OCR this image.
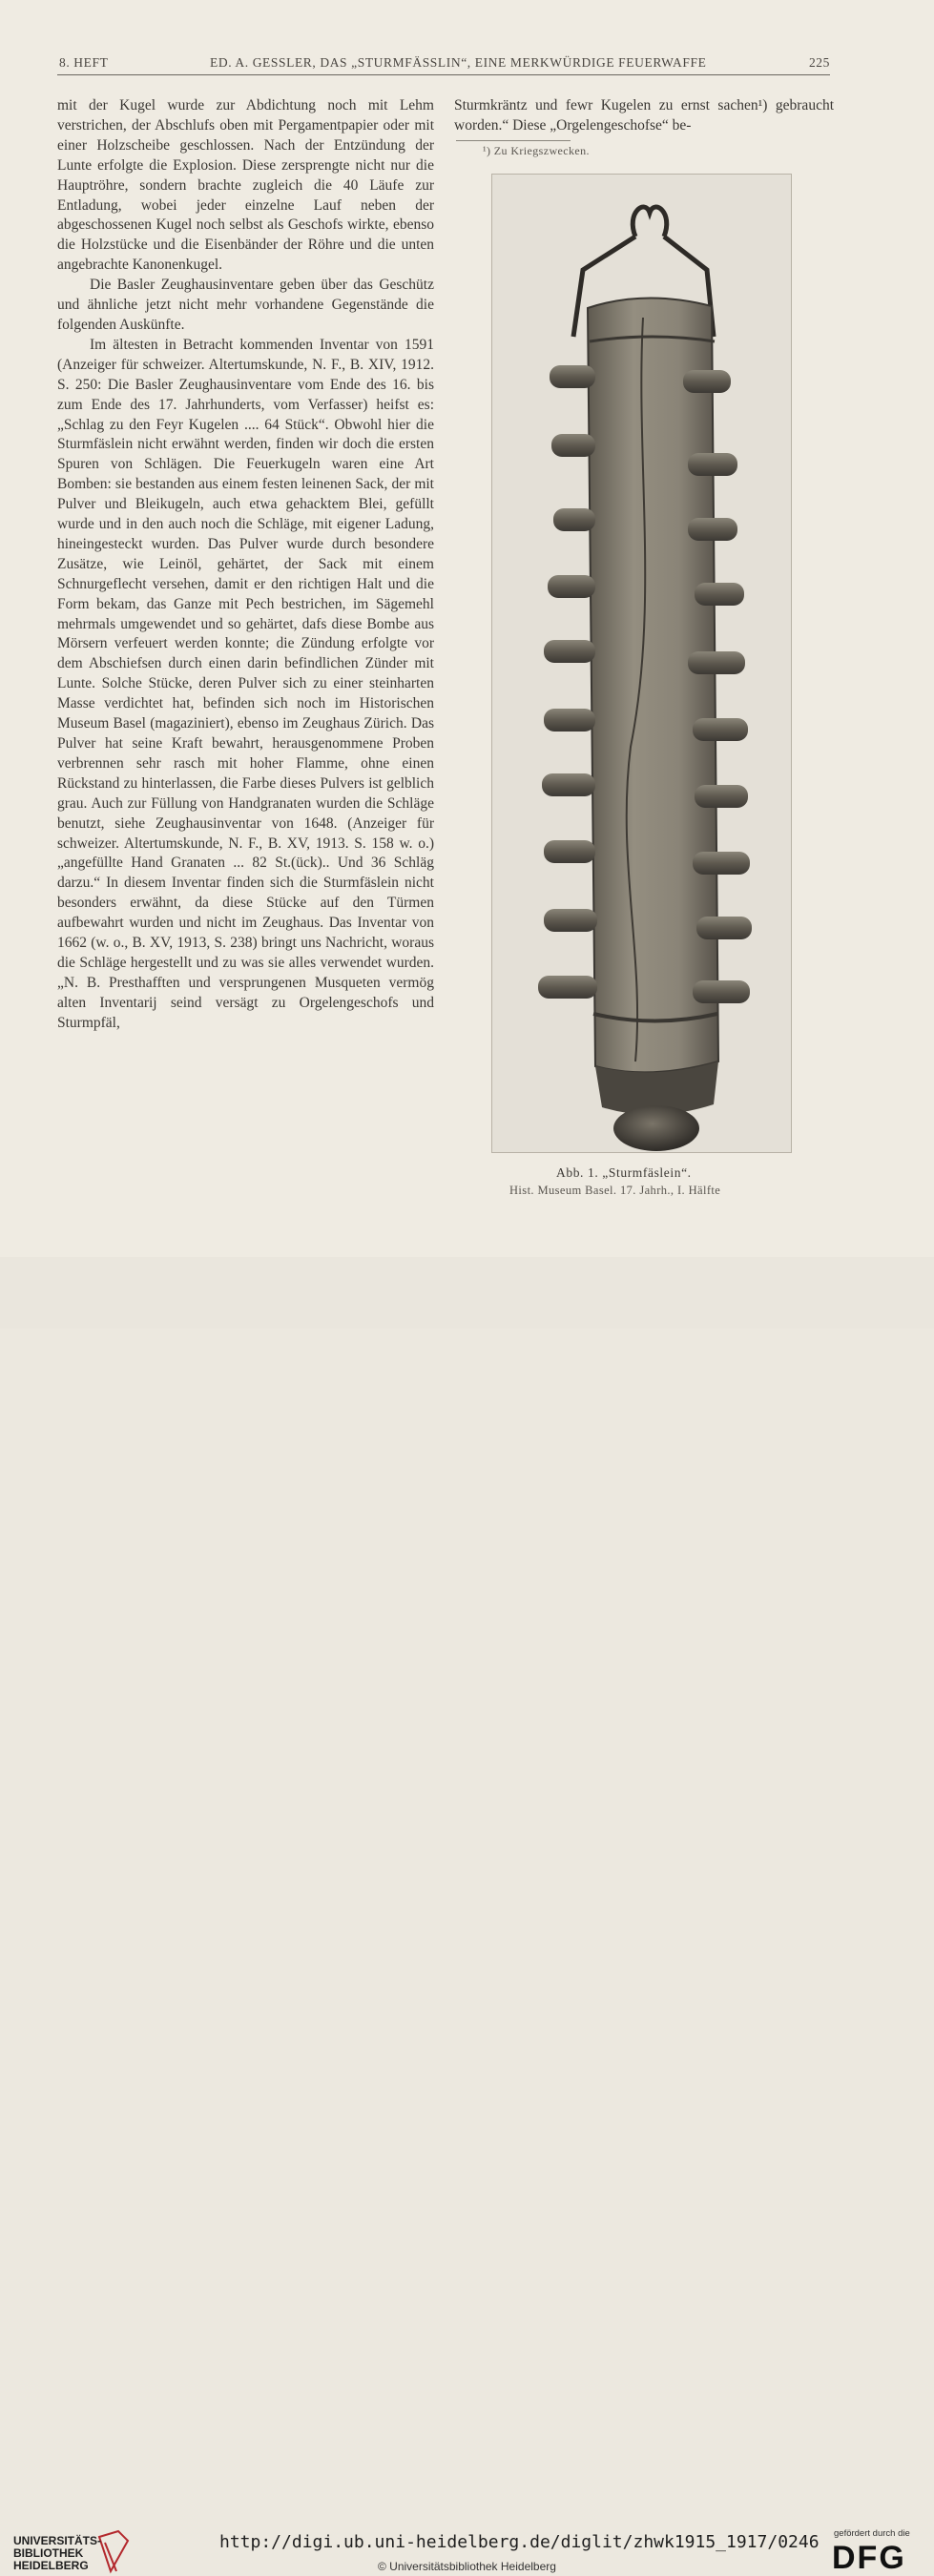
8. HEFT	ED. A. GESSLER, DAS „STURMFÄSSLIN“, EINE MERKWÜRDIGE FEUERWAFFE	225

mit der Kugel wurde zur Abdichtung noch mit Lehm verstrichen, der Abschlufs oben mit Pergamentpapier oder mit einer Holzscheibe geschlossen. Nach der Entzündung der Lunte erfolgte die Explosion. Diese zersprengte nicht nur die Hauptröhre, sondern brachte zugleich die 40 Läufe zur Entladung, wobei jeder einzelne Lauf neben der abgeschossenen Kugel noch selbst als Geschofs wirkte, ebenso die Holzstücke und die Eisenbänder der Röhre und die unten angebrachte Kanonenkugel.

Die Basler Zeughausinventare geben über das Geschütz und ähnliche jetzt nicht mehr vorhandene Gegenstände die folgenden Auskünfte.

Im ältesten in Betracht kommenden Inventar von 1591 (Anzeiger für schweizer. Altertumskunde, N. F., B. XIV, 1912. S. 250: Die Basler Zeughausinventare vom Ende des 16. bis zum Ende des 17. Jahrhunderts, vom Verfasser) heifst es: „Schlag zu den Feyr Kugelen .... 64 Stück“. Obwohl hier die Sturmfäslein nicht erwähnt werden, finden wir doch die ersten Spuren von Schlägen. Die Feuerkugeln waren eine Art Bomben: sie bestanden aus einem festen leinenen Sack, der mit Pulver und Bleikugeln, auch etwa gehacktem Blei, gefüllt wurde und in den auch noch die Schläge, mit eigener Ladung, hineingesteckt wurden. Das Pulver wurde durch besondere Zusätze, wie Leinöl, gehärtet, der Sack mit einem Schnurgeflecht versehen, damit er den richtigen Halt und die Form bekam, das Ganze mit Pech bestrichen, im Sägemehl mehrmals umgewendet und so gehärtet, dafs diese Bombe aus Mörsern verfeuert werden konnte; die Zündung erfolgte vor dem Abschiefsen durch einen darin befindlichen Zünder mit Lunte. Solche Stücke, deren Pulver sich zu einer steinharten Masse verdichtet hat, befinden sich noch im Historischen Museum Basel (magaziniert), ebenso im Zeughaus Zürich. Das Pulver hat seine Kraft bewahrt, herausgenommene Proben verbrennen sehr rasch mit hoher Flamme, ohne einen Rückstand zu hinterlassen, die Farbe dieses Pulvers ist gelblich grau. Auch zur Füllung von Handgranaten wurden die Schläge benutzt, siehe Zeughausinventar von 1648. (Anzeiger für schweizer. Altertumskunde, N. F., B. XV, 1913. S. 158 w. o.) „angefüllte Hand Granaten ... 82 St.(ück).. Und 36 Schläg darzu.“ In diesem Inventar finden sich die Sturmfäslein nicht besonders erwähnt, da diese Stücke auf den Türmen aufbewahrt wurden und nicht im Zeughaus. Das Inventar von 1662 (w. o., B. XV, 1913, S. 238) bringt uns Nachricht, woraus die Schläge hergestellt und zu was sie alles verwendet wurden. „N. B. Presthafften und versprungenen Musqueten vermög alten Inventarij seind versägt zu Orgelengeschofs und Sturmpfäl,

Sturmkräntz und fewr Kugelen zu ernst sachen¹) gebraucht worden.“ Diese „Orgelengeschofse“ be-
¹) Zu Kriegszwecken.
Abb. 1. „Sturmfäslein“.
Hist. Museum Basel. 17. Jahrh., I. Hälfte
UNIVERSITÄTS-
BIBLIOTHEK
HEIDELBERG
http://digi.ub.uni-heidelberg.de/diglit/zhwk1915_1917/0246
© Universitätsbibliothek Heidelberg
gefördert durch die
DFG
